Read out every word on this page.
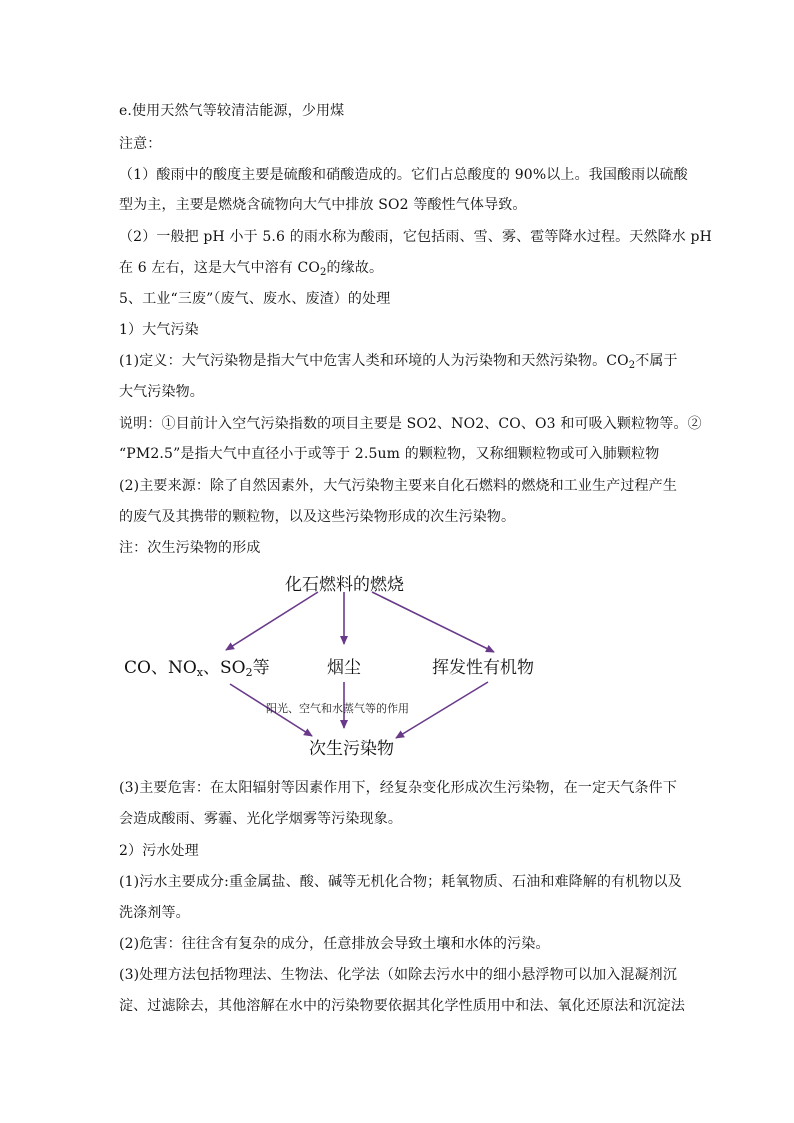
e.使用天然气等较清洁能源，少用煤
注意：
（1）酸雨中的酸度主要是硫酸和硝酸造成的。它们占总酸度的 90%以上。我国酸雨以硫酸
型为主，主要是燃烧含硫物向大气中排放 SO2 等酸性气体导致。
（2）一般把 pH 小于 5.6 的雨水称为酸雨，它包括雨、雪、雾、雹等降水过程。天然降水 pH
在 6 左右，这是大气中溶有 $CO_2$的缘故。
5、工业“三废”（废气、废水、废渣）的处理
1）大气污染
(1)定义：大气污染物是指大气中危害人类和环境的人为污染物和天然污染物。$CO_2$不属于
大气污染物。
说明：①目前计入空气污染指数的项目主要是 SO2、NO2、CO、O3 和可吸入颗粒物等。②
“PM2.5”是指大气中直径小于或等于 2.5um 的颗粒物，又称细颗粒物或可入肺颗粒物
(2)主要来源：除了自然因素外，大气污染物主要来自化石燃料的燃烧和工业生产过程产生
的废气及其携带的颗粒物，以及这些污染物形成的次生污染物。
注：次生污染物的形成
化石燃料的燃烧
CO、$NO_x$、$SO_2$等	烟尘	挥发性有机物
阳光、空气和水蒸气等的作用
次生污染物
(3)主要危害：在太阳辐射等因素作用下，经复杂变化形成次生污染物，在一定天气条件下
会造成酸雨、雾霾、光化学烟雾等污染现象。
2）污水处理
(1)污水主要成分:重金属盐、酸、碱等无机化合物；耗氧物质、石油和难降解的有机物以及
洗涤剂等。
(2)危害：往往含有复杂的成分，任意排放会导致土壤和水体的污染。
(3)处理方法包括物理法、生物法、化学法（如除去污水中的细小悬浮物可以加入混凝剂沉
淀、过滤除去，其他溶解在水中的污染物要依据其化学性质用中和法、氧化还原法和沉淀法
